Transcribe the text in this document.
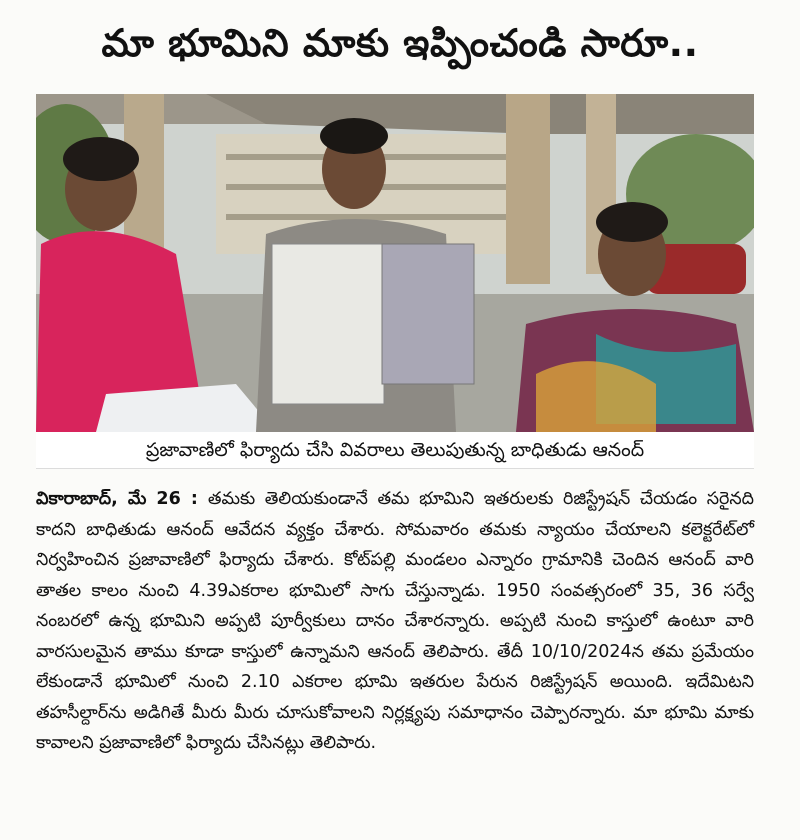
మా భూమిని మాకు ఇప్పించండి సారూ..
ప్రజావాణిలో ఫిర్యాదు చేసి వివరాలు తెలుపుతున్న బాధితుడు ఆనంద్
వికారాబాద్, మే 26 : తమకు తెలియకుండానే తమ భూమిని ఇతరులకు రిజిస్ట్రేషన్ చేయడం సరైనది కాదని బాధితుడు ఆనంద్ ఆవేదన వ్యక్తం చేశారు. సోమవారం తమకు న్యాయం చేయాలని కలెక్టరేట్‌లో నిర్వహించిన ప్రజావాణిలో ఫిర్యాదు చేశారు. కోట్‌పల్లి మండలం ఎన్నారం గ్రామానికి చెందిన ఆనంద్ వారి తాతల కాలం నుంచి 4.39ఎకరాల భూమిలో సాగు చేస్తున్నాడు. 1950 సంవత్సరంలో 35, 36 సర్వే నంబరలో ఉన్న భూమిని అప్పటి పూర్వీకులు దానం చేశారన్నారు. అప్పటి నుంచి కాస్తులో ఉంటూ వారి వారసులమైన తాము కూడా కాస్తులో ఉన్నామని ఆనంద్ తెలిపారు. తేదీ 10/10/2024న తమ ప్రమేయం లేకుండానే భూమిలో నుంచి 2.10 ఎకరాల భూమి ఇతరుల పేరున రిజిస్ట్రేషన్ అయింది. ఇదేమిటని తహసీల్దార్‌ను అడిగితే మీరు మీరు చూసుకోవాలని నిర్లక్ష్యపు సమాధానం చెప్పారన్నారు. మా భూమి మాకు కావాలని ప్రజావాణిలో ఫిర్యాదు చేసినట్లు తెలిపారు.
